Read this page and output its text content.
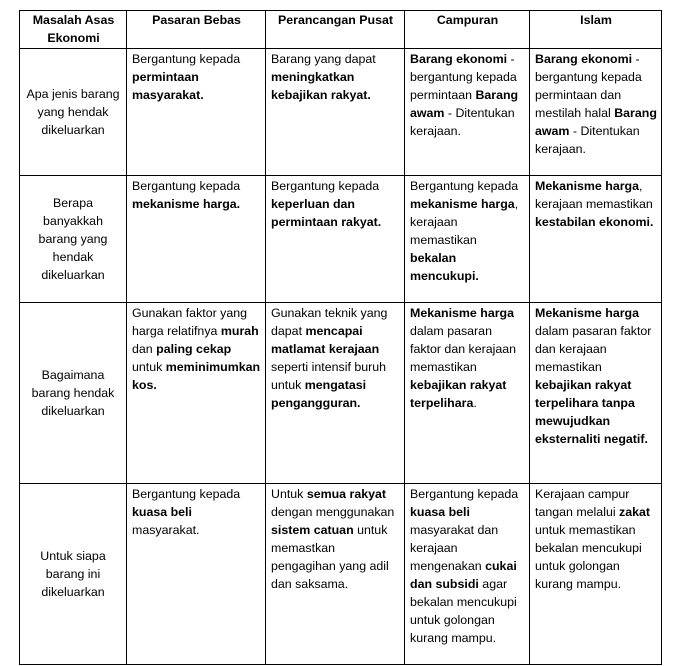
Masalah Asas Ekonomi	Pasaran Bebas	Perancangan Pusat	Campuran	Islam
Apa jenis barang yang hendak dikeluarkan	Bergantung kepada permintaan masyarakat.	Barang yang dapat meningkatkan kebajikan rakyat.	Barang ekonomi - bergantung kepada permintaan Barang awam - Ditentukan kerajaan.	Barang ekonomi - bergantung kepada permintaan dan mestilah halal Barang awam - Ditentukan kerajaan.
Berapa banyakkah barang yang hendak dikeluarkan	Bergantung kepada mekanisme harga.	Bergantung kepada keperluan dan permintaan rakyat.	Bergantung kepada mekanisme harga, kerajaan memastikan bekalan mencukupi.	Mekanisme harga, kerajaan memastikan kestabilan ekonomi.
Bagaimana barang hendak dikeluarkan	Gunakan faktor yang harga relatifnya murah dan paling cekap untuk meminimumkan kos.	Gunakan teknik yang dapat mencapai matlamat kerajaan seperti intensif buruh untuk mengatasi pengangguran.	Mekanisme harga dalam pasaran faktor dan kerajaan memastikan kebajikan rakyat terpelihara.	Mekanisme harga dalam pasaran faktor dan kerajaan memastikan kebajikan rakyat terpelihara tanpa mewujudkan eksternaliti negatif.
Untuk siapa barang ini dikeluarkan	Bergantung kepada kuasa beli masyarakat.	Untuk semua rakyat dengan menggunakan sistem catuan untuk memastkan pengagihan yang adil dan saksama.	Bergantung kepada kuasa beli masyarakat dan kerajaan mengenakan cukai dan subsidi agar bekalan mencukupi untuk golongan kurang mampu.	Kerajaan campur tangan melalui zakat untuk memastikan bekalan mencukupi untuk golongan kurang mampu.
